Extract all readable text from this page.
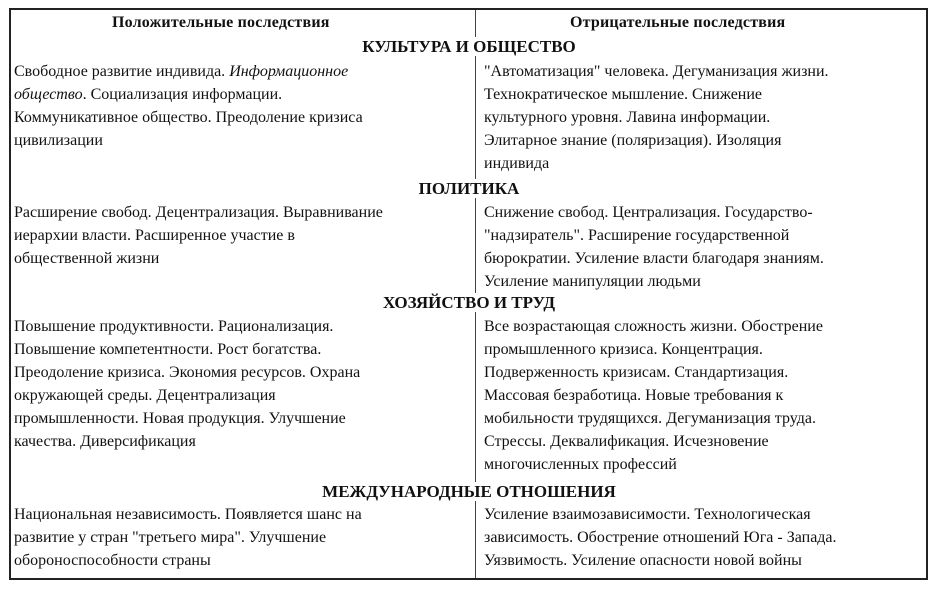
Положительные последствия	Отрицательные последствия
КУЛЬТУРА И ОБЩЕСТВО
Свободное развитие индивида. Информационное
общество. Социализация информации.
Коммуникативное общество. Преодоление кризиса
цивилизации
"Автоматизация" человека. Дегуманизация жизни.
Технократическое мышление. Снижение
культурного уровня. Лавина информации.
Элитарное знание (поляризация). Изоляция
индивида
ПОЛИТИКА
Расширение свобод. Децентрализация. Выравнивание
иерархии власти. Расширенное участие в
общественной жизни
Снижение свобод. Централизация. Государство-
"надзиратель". Расширение государственной
бюрократии. Усиление власти благодаря знаниям.
Усиление манипуляции людьми
ХОЗЯЙСТВО И ТРУД
Повышение продуктивности. Рационализация.
Повышение компетентности. Рост богатства.
Преодоление кризиса. Экономия ресурсов. Охрана
окружающей среды. Децентрализация
промышленности. Новая продукция. Улучшение
качества. Диверсификация
Все возрастающая сложность жизни. Обострение
промышленного кризиса. Концентрация.
Подверженность кризисам. Стандартизация.
Массовая безработица. Новые требования к
мобильности трудящихся. Дегуманизация труда.
Стрессы. Деквалификация. Исчезновение
многочисленных профессий
МЕЖДУНАРОДНЫЕ ОТНОШЕНИЯ
Национальная независимость. Появляется шанс на
развитие у стран "третьего мира". Улучшение
обороноспособности страны
Усиление взаимозависимости. Технологическая
зависимость. Обострение отношений Юга - Запада.
Уязвимость. Усиление опасности новой войны
